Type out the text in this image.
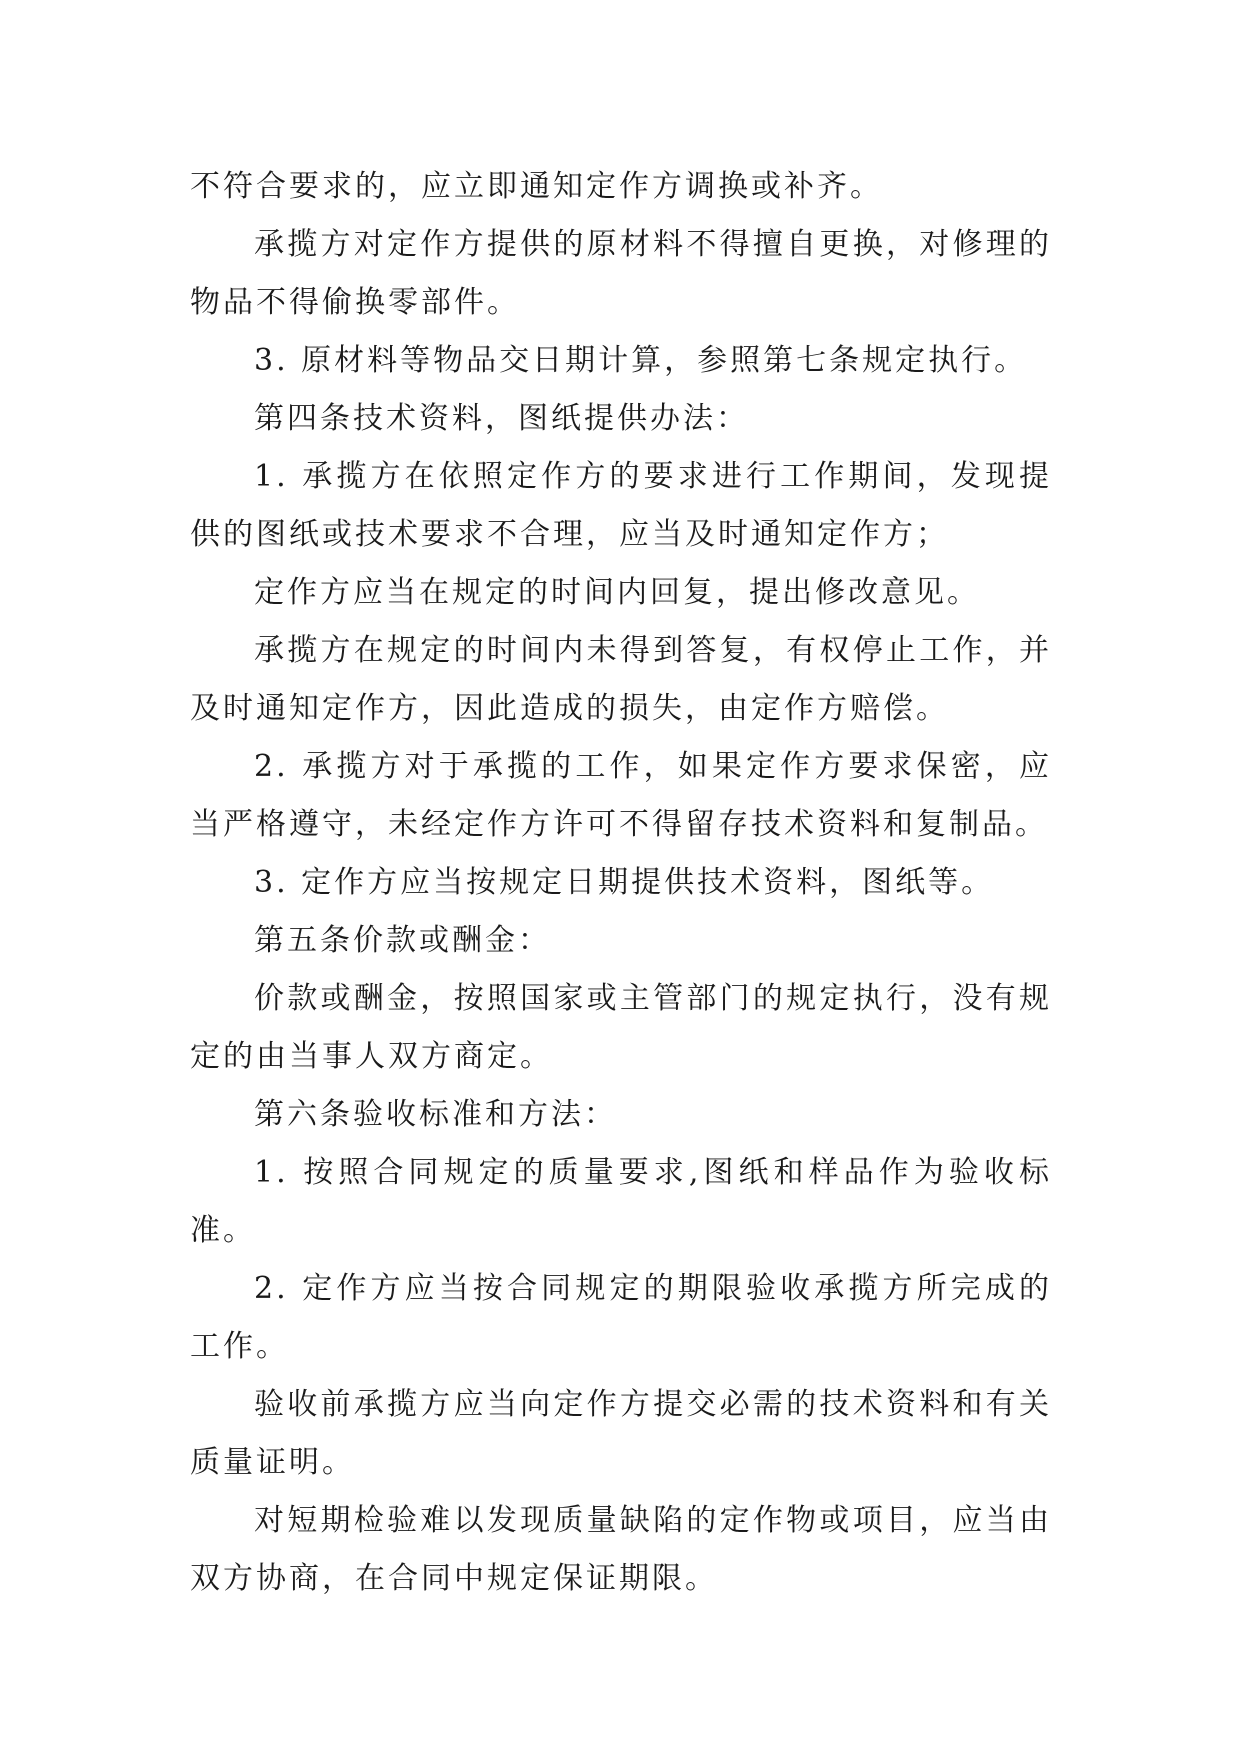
不符合要求的，应立即通知定作方调换或补齐。

承揽方对定作方提供的原材料不得擅自更换，对修理的物品不得偷换零部件。

3. 原材料等物品交日期计算，参照第七条规定执行。

第四条技术资料，图纸提供办法：

1. 承揽方在依照定作方的要求进行工作期间，发现提供的图纸或技术要求不合理，应当及时通知定作方；

定作方应当在规定的时间内回复，提出修改意见。

承揽方在规定的时间内未得到答复，有权停止工作，并及时通知定作方，因此造成的损失，由定作方赔偿。

2. 承揽方对于承揽的工作，如果定作方要求保密，应当严格遵守，未经定作方许可不得留存技术资料和复制品。

3. 定作方应当按规定日期提供技术资料，图纸等。

第五条价款或酬金：

价款或酬金，按照国家或主管部门的规定执行，没有规定的由当事人双方商定。

第六条验收标准和方法：

1. 按照合同规定的质量要求,图纸和样品作为验收标准。

2. 定作方应当按合同规定的期限验收承揽方所完成的工作。

验收前承揽方应当向定作方提交必需的技术资料和有关质量证明。

对短期检验难以发现质量缺陷的定作物或项目，应当由双方协商，在合同中规定保证期限。
